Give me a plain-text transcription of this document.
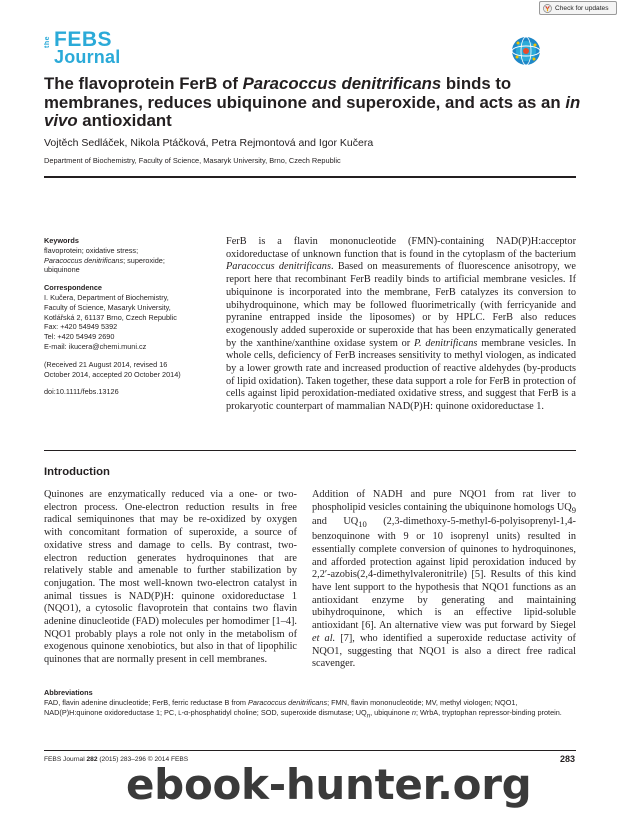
Check for updates
the FEBS
Journal
The flavoprotein FerB of Paracoccus denitrificans binds to membranes, reduces ubiquinone and superoxide, and acts as an in vivo antioxidant
Vojtěch Sedláček, Nikola Ptáčková, Petra Rejmontová and Igor Kučera
Department of Biochemistry, Faculty of Science, Masaryk University, Brno, Czech Republic

Keywords

flavoprotein; oxidative stress;

Paracoccus denitrificans; superoxide;

ubiquinone

Correspondence

I. Kučera, Department of Biochemistry,

Faculty of Science, Masaryk University,

Kotlářská 2, 61137 Brno, Czech Republic

Fax: +420 54949 5392

Tel: +420 54949 2690

E-mail: ikucera@chemi.muni.cz

(Received 21 August 2014, revised 16

October 2014, accepted 20 October 2014)

doi:10.1111/febs.13126

FerB is a flavin mononucleotide (FMN)-containing NAD(P)H:acceptor oxidoreductase of unknown function that is found in the cytoplasm of the bacterium Paracoccus denitrificans. Based on measurements of fluorescence anisotropy, we report here that recombinant FerB readily binds to artificial membrane vesicles. If ubiquinone is incorporated into the membrane, FerB catalyzes its conversion to ubihydroquinone, which may be followed fluorimetrically (with ferricyanide and pyranine entrapped inside the liposomes) or by HPLC. FerB also reduces exogenously added superoxide or superoxide that has been enzymatically generated by the xanthine/xanthine oxidase system or P. denitrificans membrane vesicles. In whole cells, deficiency of FerB increases sensitivity to methyl viologen, as indicated by a lower growth rate and increased production of reactive aldehydes (by-products of lipid oxidation). Taken together, these data support a role for FerB in protection of cells against lipid peroxidation-mediated oxidative stress, and suggest that FerB is a prokaryotic counterpart of mammalian NAD(P)H: quinone oxidoreductase 1.
Introduction
Quinones are enzymatically reduced via a one- or two-electron process. One-electron reduction results in free radical semiquinones that may be re-oxidized by oxygen with concomitant formation of superoxide, a source of oxidative stress and damage to cells. By contrast, two-electron reduction generates hydroquinones that are relatively stable and amenable to further stabilization by conjugation. The most well-known two-electron catalyst in animal tissues is NAD(P)H: quinone oxidoreductase 1 (NQO1), a cytosolic flavoprotein that contains two flavin adenine dinucleotide (FAD) molecules per homodimer [1–4]. NQO1 probably plays a role not only in the metabolism of exogenous quinone xenobiotics, but also in that of lipophilic quinones that are normally present in cell membranes.
Addition of NADH and pure NQO1 from rat liver to phospholipid vesicles containing the ubiquinone homologs $UQ_9$ and $UQ_{10}$ (2,3-dimethoxy-5-methyl-6-polyisoprenyl-1,4-benzoquinone with 9 or 10 isoprenyl units) resulted in essentially complete conversion of quinones to hydroquinones, and afforded protection against lipid peroxidation induced by 2,2′-azobis(2,4-dimethylvaleronitrile) [5]. Results of this kind have lent support to the hypothesis that NQO1 functions as an antioxidant enzyme by generating and maintaining ubihydroquinone, which is an effective lipid-soluble antioxidant [6]. An alternative view was put forward by Siegel et al. [7], who identified a superoxide reductase activity of NQO1, suggesting that NQO1 is also a direct free radical scavenger.

Abbreviations

FAD, flavin adenine dinucleotide; FerB, ferric reductase B from Paracoccus denitrificans; FMN, flavin mononucleotide; MV, methyl viologen; NQO1, NAD(P)H:quinone oxidoreductase 1; PC, L-α-phosphatidyl choline; SOD, superoxide dismutase; $UQ_n$, ubiquinone n; WrbA, tryptophan repressor-binding protein.

FEBS Journal 282 (2015) 283–296 © 2014 FEBS	283
ebook-hunter.org
